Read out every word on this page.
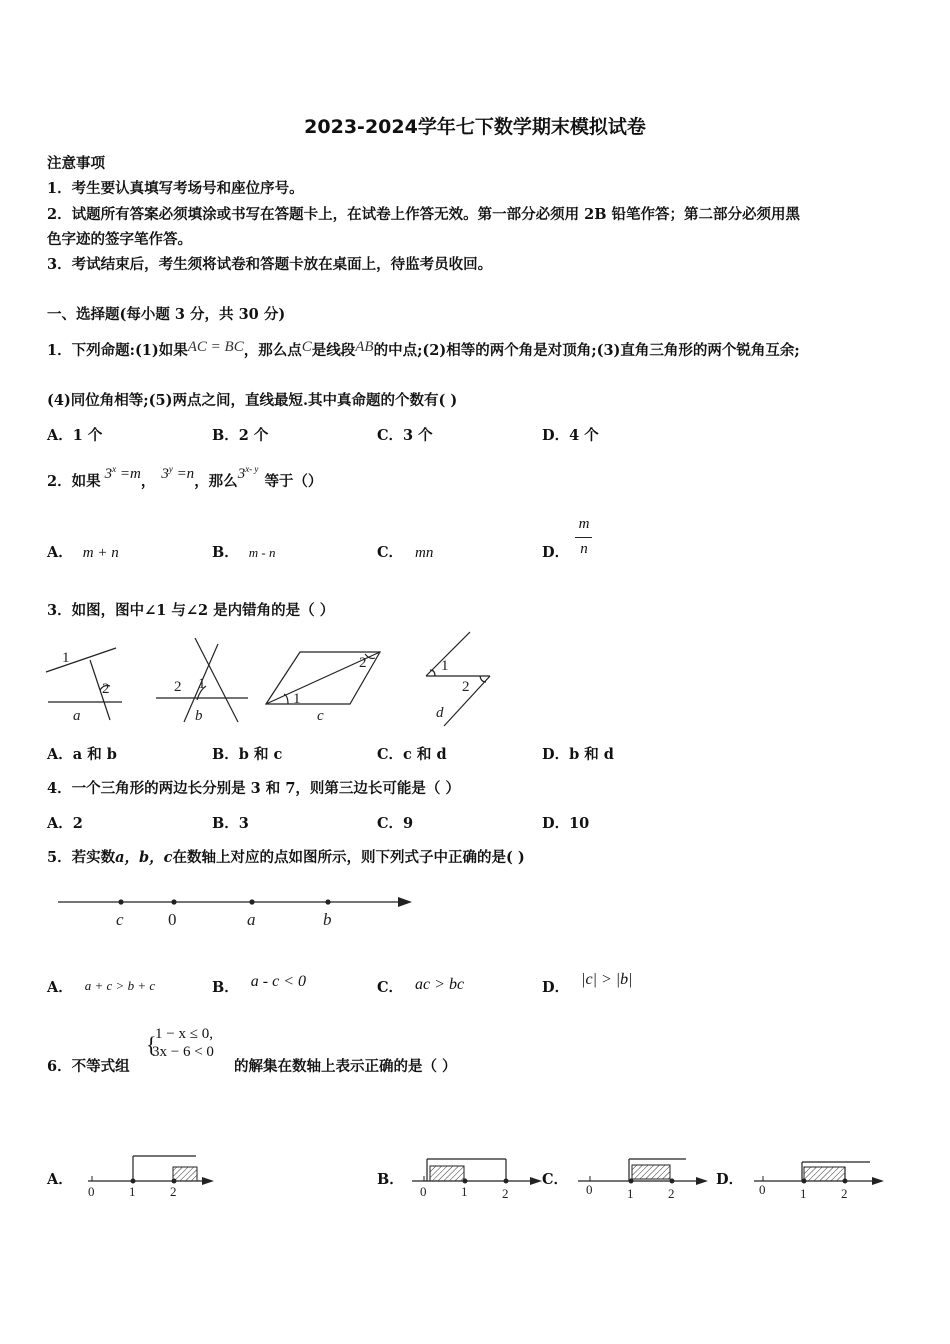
2023-2024学年七下数学期末模拟试卷
注意事项
1．考生要认真填写考场号和座位序号。
2．试题所有答案必须填涂或书写在答题卡上，在试卷上作答无效。第一部分必须用 2B 铅笔作答；第二部分必须用黑
色字迹的签字笔作答。
3．考试结束后，考生须将试卷和答题卡放在桌面上，待监考员收回。
一、选择题(每小题 3 分，共 30 分)
1．下列命题:(1)如果AC = BC，那么点C是线段AB的中点;(2)相等的两个角是对顶角;(3)直角三角形的两个锐角互余;
(4)同位角相等;(5)两点之间，直线最短.其中真命题的个数有( )
A．1 个	B．2 个	C．3 个	D．4 个
2．如果 $3^x =m$， $3^y =n$，那么3$^{x- y}$等于（）
A． m + n	B． m - n	C． mn	D．
m
n
3．如图，图中∠1 与∠2 是内错角的是（ ）
1
2
a
2 1
b
1
2
c
1
2
d
A．a 和 b	B．b 和 c	C．c 和 d	D．b 和 d
4．一个三角形的两边长分别是 3 和 7，则第三边长可能是（ ）
A．2	B．3	C．9	D．10
5．若实数a，b，c在数轴上对应的点如图所示，则下列式子中正确的是( )
c	0	a	b
A． a + c > b + c	B． a - c < 0	C． ac > bc	D． |c| > |b|
6．不等式组
{
1 − x ≤ 0,
3x − 6 < 0
的解集在数轴上表示正确的是（ ）
A．
0	1	2
B．
0	1	2
C．
0	1	2
D．
0	1	2
